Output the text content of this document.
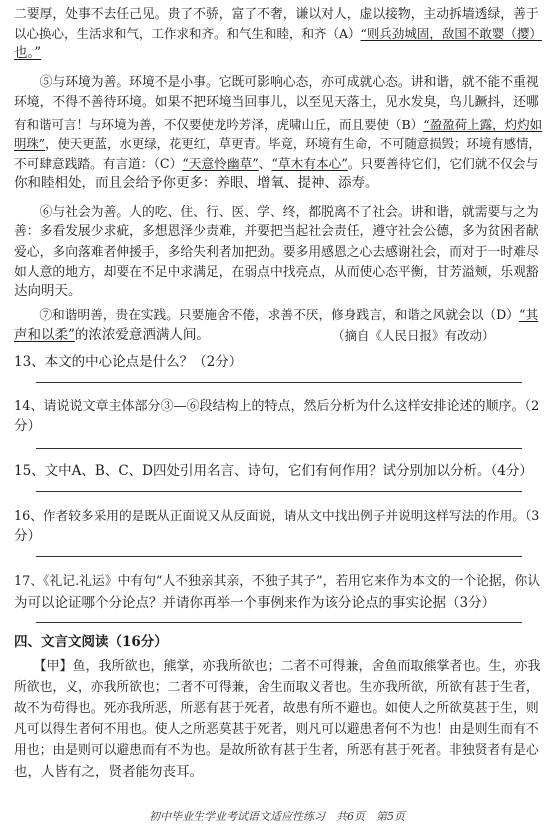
二要厚，处事不去任己见。贵了不骄，富了不奢，谦以对人，虚以接物，主动拆墙透绿，善于
以心换心，生活求和气，工作求和齐。和气生和睦，和齐（A）“则兵劲城固，敌国不敢婴（撄）
也。”
　　⑤与环境为善。环境不是小事。它既可影响心态，亦可成就心态。讲和谐，就不能不重视
环境，不得不善待环境。如果不把环境当回事儿，以至见天落土，见水发臭，鸟儿蹶抖，还哪
有和谐可言！与环境为善，不仅要使龙吟芳泽，虎啸山丘，而且要使（B）“盈盈荷上露，灼灼如
明珠”，使天更蓝，水更绿，花更红，草更青。毕竟，环境有生命，不可随意损毁；环境有感情，
不可肆意践踏。有言道：（C）“天意怜幽草”、“草木有本心”。只要善待它们，它们就不仅会与
你和睦相处，而且会给予你更多：养眼、增氧、提神、添寿。
　　⑥与社会为善。人的吃、住、行、医、学、终，都脱离不了社会。讲和谐，就需要与之为
善：多看发展少求疵，多想恩泽少责难，并要把当起社会责任，遵守社会公德，多为贫困者献
爱心，多向落难者伸援手，多给失利者加把劲。要多用感恩之心去感谢社会，而对于一时难尽
如人意的地方，却要在不足中求满足，在弱点中找亮点，从而使心态平衡，甘芳溢颊，乐观豁
达向明天。
　　⑦和谐明善，贵在实践。只要施舍不倦，求善不厌，修身践言，和谐之风就会以（D）“其
声和以柔”的浓浓爱意洒满人间。
13、本文的中心论点是什么？（2分）
14、请说说文章主体部分③—⑥段结构上的特点，然后分析为什么这样安排论述的顺序。（2
分）
15、文中A、B、C、D四处引用名言、诗句，它们有何作用？试分别加以分析。（4分）
16、作者较多采用的是既从正面说又从反面说，请从文中找出例子并说明这样写法的作用。（3
分）
17、《礼记.礼运》中有句“人不独亲其亲，不独子其子”，若用它来作为本文的一个论据，你认
为可以论证哪个分论点？并请你再举一个事例来作为该分论点的事实论据（3分）
四、文言文阅读（16分）
　　【甲】鱼，我所欲也，熊掌，亦我所欲也；二者不可得兼，舍鱼而取熊掌者也。生，亦我
所欲也，义，亦我所欲也；二者不可得兼，舍生而取义者也。生亦我所欲，所欲有甚于生者，
故不为苟得也。死亦我所恶，所恶有甚于死者，故患有所不避也。如使人之所欲莫甚于生，则
凡可以得生者何不用也。使人之所恶莫甚于死者，则凡可以避患者何不为也！由是则生而有不
用也；由是则可以避患而有不为也。是故所欲有甚于生者，所恶有甚于死者。非独贤者有是心
也，人皆有之，贤者能勿丧耳。
（摘自《人民日报》有改动）
初中毕业生学业考试语文适应性练习　共6页　第5页
